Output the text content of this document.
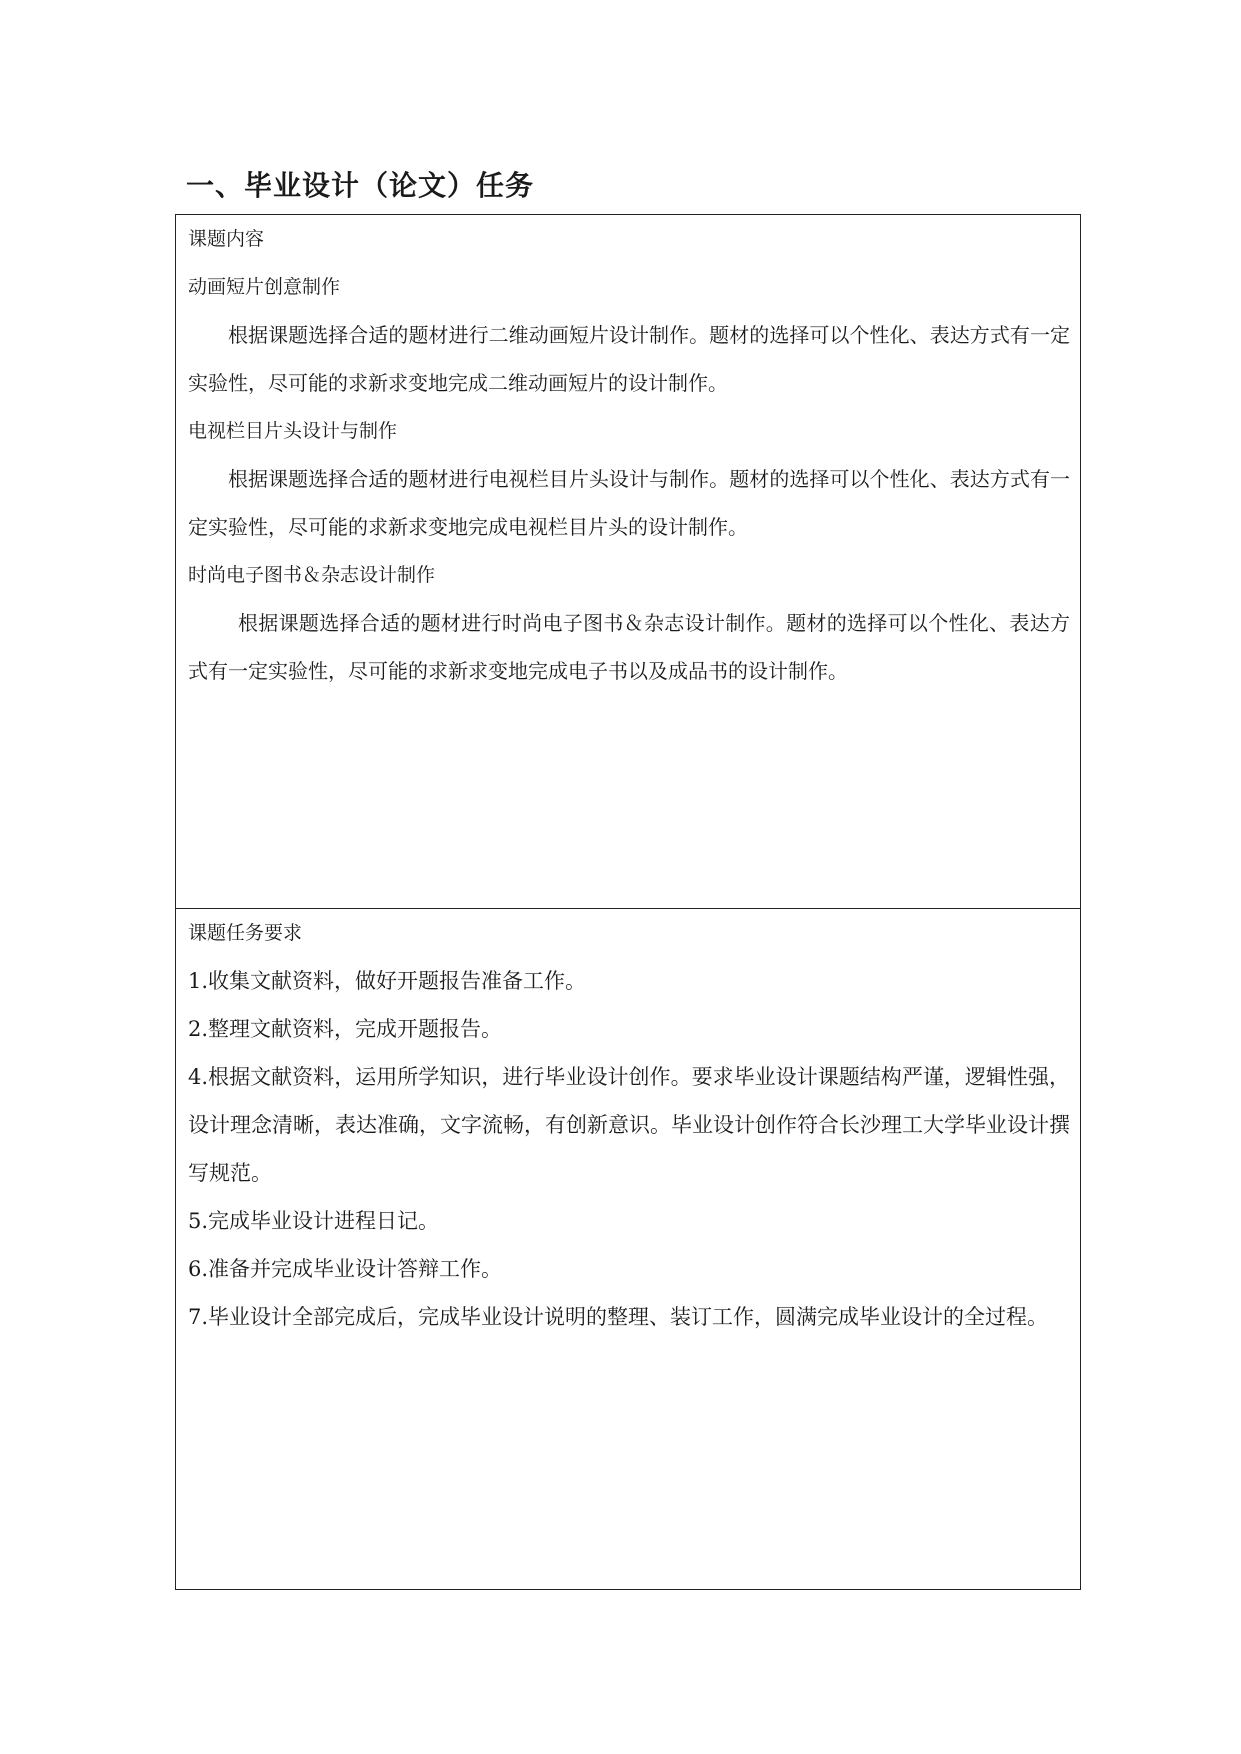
一、毕业设计（论文）任务
课题内容
动画短片创意制作

根据课题选择合适的题材进行二维动画短片设计制作。题材的选择可以个性化、表达方式有一定实验性，尽可能的求新求变地完成二维动画短片的设计制作。

电视栏目片头设计与制作

根据课题选择合适的题材进行电视栏目片头设计与制作。题材的选择可以个性化、表达方式有一定实验性，尽可能的求新求变地完成电视栏目片头的设计制作。

时尚电子图书＆杂志设计制作

根据课题选择合适的题材进行时尚电子图书＆杂志设计制作。题材的选择可以个性化、表达方式有一定实验性，尽可能的求新求变地完成电子书以及成品书的设计制作。

课题任务要求

1.收集文献资料，做好开题报告准备工作。

2.整理文献资料，完成开题报告。

4.根据文献资料，运用所学知识，进行毕业设计创作。要求毕业设计课题结构严谨，逻辑性强，设计理念清晰，表达准确，文字流畅，有创新意识。毕业设计创作符合长沙理工大学毕业设计撰写规范。

5.完成毕业设计进程日记。

6.准备并完成毕业设计答辩工作。

7.毕业设计全部完成后，完成毕业设计说明的整理、装订工作，圆满完成毕业设计的全过程。
